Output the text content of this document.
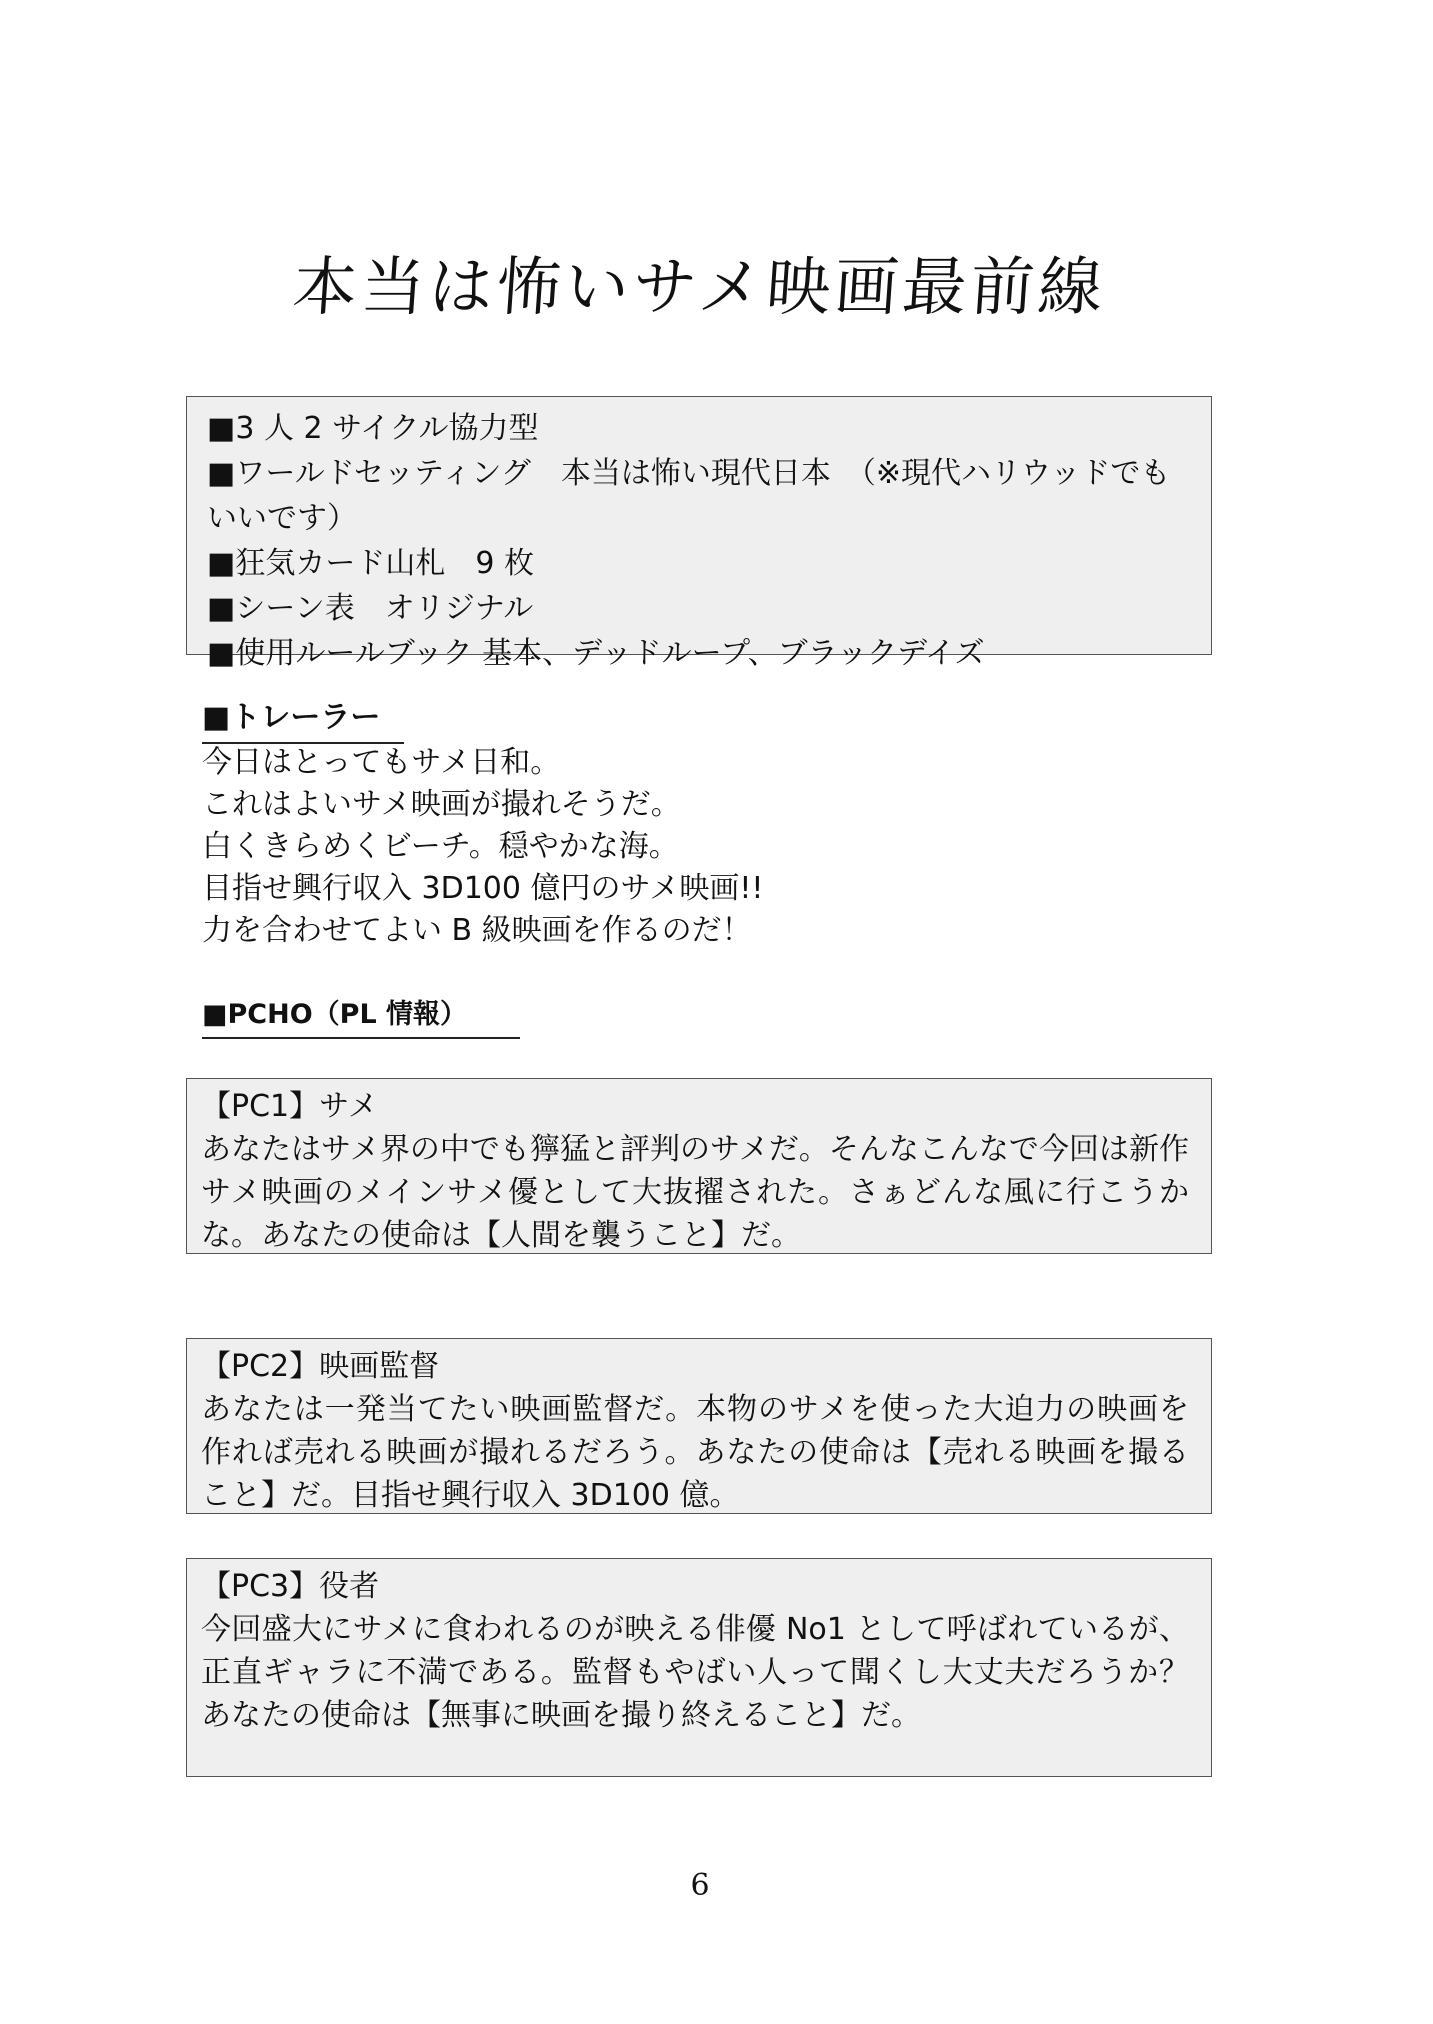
本当は怖いサメ映画最前線
■3 人 2 サイクル協力型
■ワールドセッティング　本当は怖い現代日本　（※現代ハリウッドでもいいです）
■狂気カード山札　9 枚
■シーン表　オリジナル
■使用ルールブック 基本、デッドループ、ブラックデイズ
■トレーラー
今日はとってもサメ日和。
これはよいサメ映画が撮れそうだ。
白くきらめくビーチ。穏やかな海。
目指せ興行収入 3D100 億円のサメ映画!!
力を合わせてよい B 級映画を作るのだ！
■PCHO（PL 情報）
【PC1】サメ
あなたはサメ界の中でも獰猛と評判のサメだ。そんなこんなで今回は新作サメ映画のメインサメ優として大抜擢された。さぁどんな風に行こうかな。あなたの使命は【人間を襲うこと】だ。
【PC2】映画監督
あなたは一発当てたい映画監督だ。本物のサメを使った大迫力の映画を作れば売れる映画が撮れるだろう。あなたの使命は【売れる映画を撮ること】だ。目指せ興行収入 3D100 億。
【PC3】役者
今回盛大にサメに食われるのが映える俳優 No1 として呼ばれているが、正直ギャラに不満である。監督もやばい人って聞くし大丈夫だろうか？あなたの使命は【無事に映画を撮り終えること】だ。
6
